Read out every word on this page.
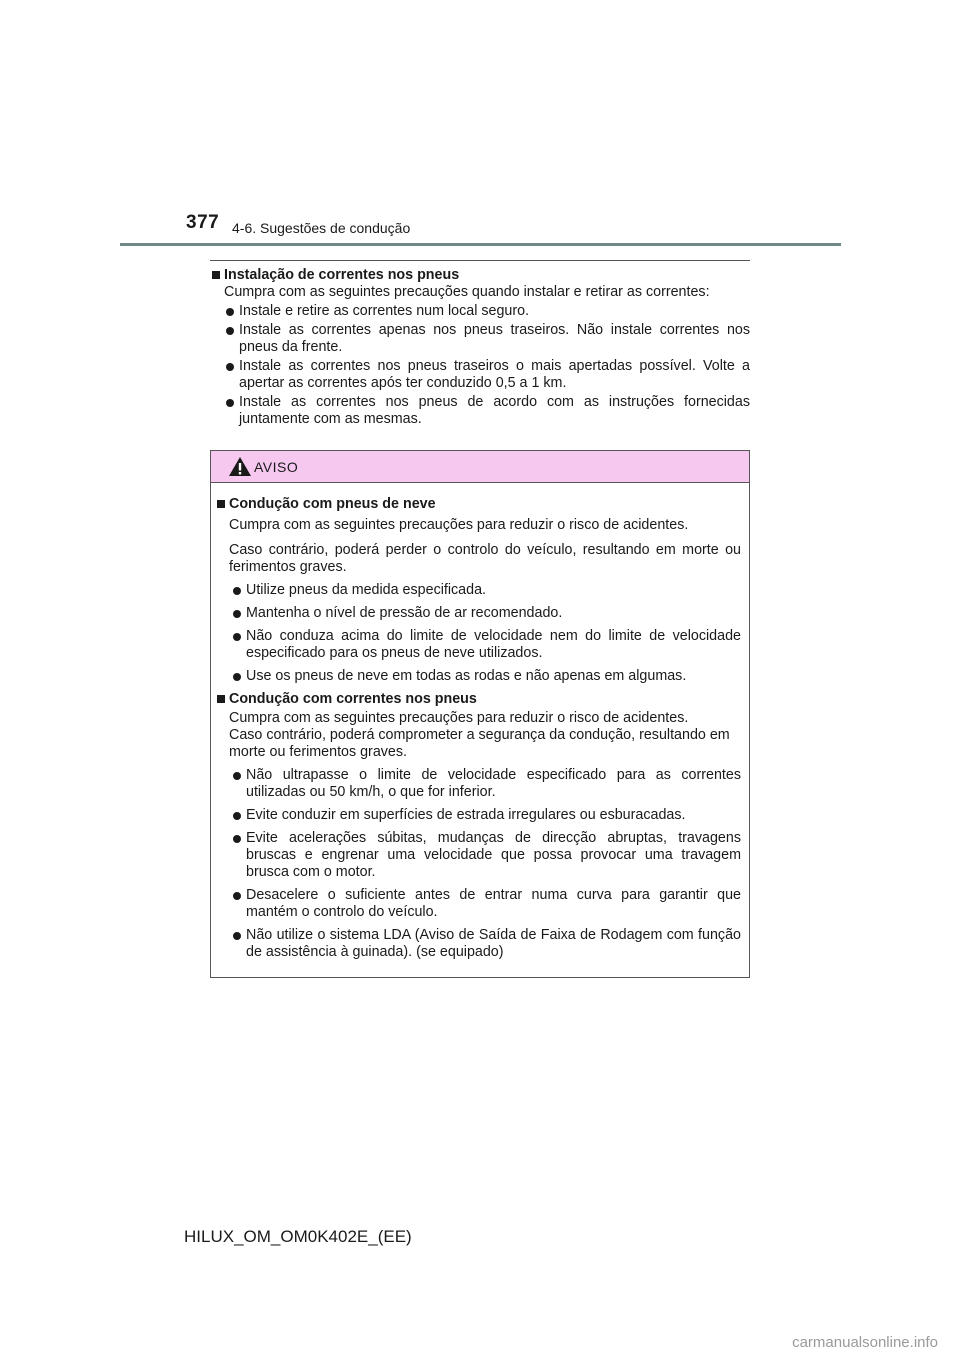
377 4-6. Sugestões de condução

Instalação de correntes nos pneus

Cumpra com as seguintes precauções quando instalar e retirar as correntes:

Instale e retire as correntes num local seguro.

Instale as correntes apenas nos pneus traseiros. Não instale correntes nos pneus da frente.

Instale as correntes nos pneus traseiros o mais apertadas possível. Volte a apertar as correntes após ter conduzido 0,5 a 1 km.

Instale as correntes nos pneus de acordo com as instruções fornecidas juntamente com as mesmas.

AVISO

Condução com pneus de neve

Cumpra com as seguintes precauções para reduzir o risco de acidentes.

Caso contrário, poderá perder o controlo do veículo, resultando em morte ou ferimentos graves.

Utilize pneus da medida especificada.

Mantenha o nível de pressão de ar recomendado.

Não conduza acima do limite de velocidade nem do limite de velocidade especificado para os pneus de neve utilizados.

Use os pneus de neve em todas as rodas e não apenas em algumas.

Condução com correntes nos pneus

Cumpra com as seguintes precauções para reduzir o risco de acidentes.

Caso contrário, poderá comprometer a segurança da condução, resultando em morte ou ferimentos graves.

Não ultrapasse o limite de velocidade especificado para as correntes utilizadas ou 50 km/h, o que for inferior.

Evite conduzir em superfícies de estrada irregulares ou esburacadas.

Evite acelerações súbitas, mudanças de direcção abruptas, travagens bruscas e engrenar uma velocidade que possa provocar uma travagem brusca com o motor.

Desacelere o suficiente antes de entrar numa curva para garantir que mantém o controlo do veículo.

Não utilize o sistema LDA (Aviso de Saída de Faixa de Rodagem com função de assistência à guinada). (se equipado)

HILUX_OM_OM0K402E_(EE)
carmanualsonline.info
